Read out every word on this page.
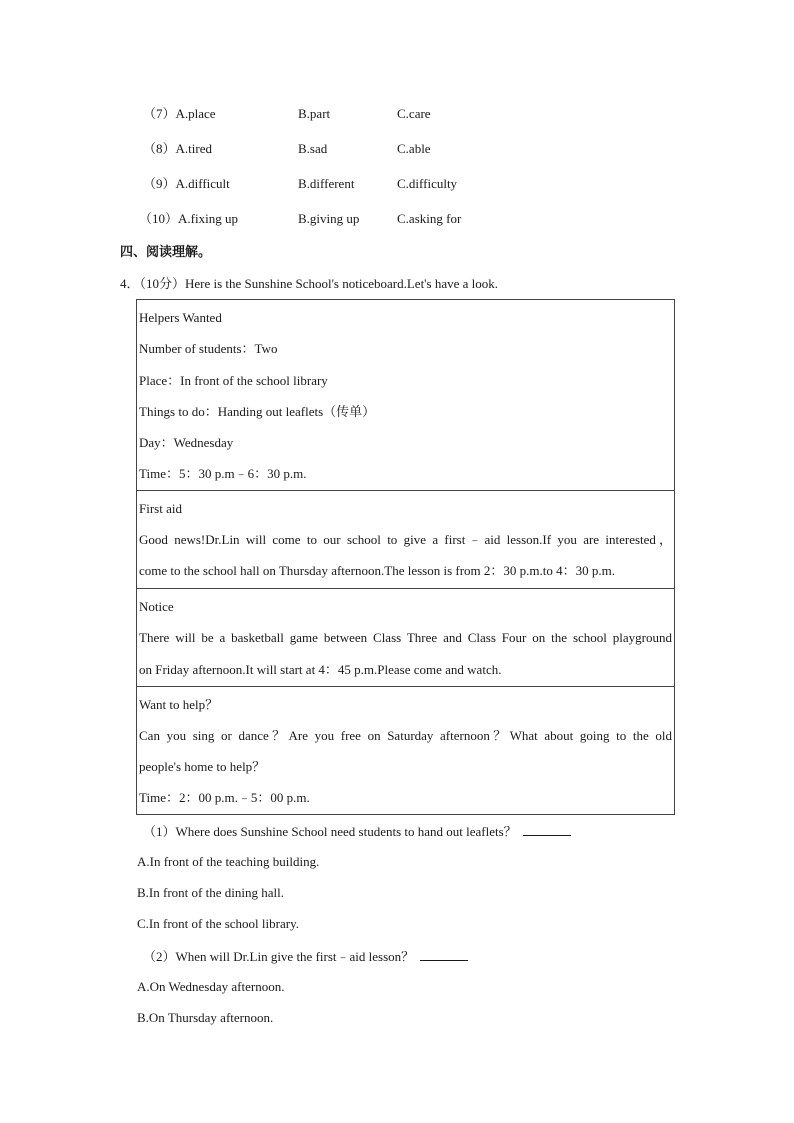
（7）A.place	B.part	C.care
（8）A.tired	B.sad	C.able
（9）A.difficult	B.different	C.difficulty
（10）A.fixing up	B.giving up	C.asking for
四、阅读理解。
4．（10分）Here is the Sunshine School's noticeboard.Let's have a look.
Helpers Wanted
Number of students：Two
Place：In front of the school library
Things to do：Handing out leaflets（传单）
Day：Wednesday
Time：5：30 p.m﹣6：30 p.m.
First aid
Good news!Dr.Lin will come to our school to give a first﹣aid lesson.If you are interested，
come to the school hall on Thursday afternoon.The lesson is from 2：30 p.m.to 4：30 p.m.
Notice
There will be a basketball game between Class Three and Class Four on the school playground
on Friday afternoon.It will start at 4：45 p.m.Please come and watch.
Want to help？
Can you sing or dance？Are you free on Saturday afternoon？What about going to the old
people's home to help？
Time：2：00 p.m.﹣5：00 p.m.
（1）Where does Sunshine School need students to hand out leaflets？
A.In front of the teaching building.
B.In front of the dining hall.
C.In front of the school library.
（2）When will Dr.Lin give the first﹣aid lesson？
A.On Wednesday afternoon.
B.On Thursday afternoon.
